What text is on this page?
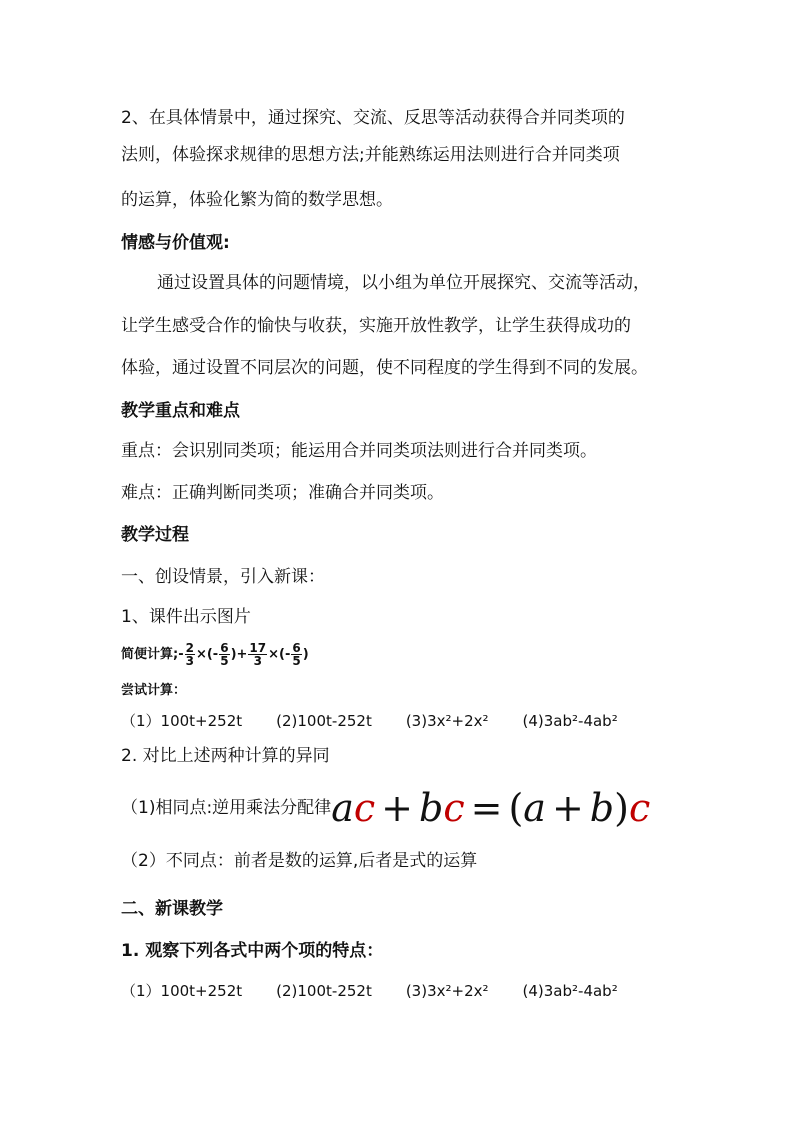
2、在具体情景中，通过探究、交流、反思等活动获得合并同类项的
法则，体验探求规律的思想方法;并能熟练运用法则进行合并同类项
的运算，体验化繁为简的数学思想。
情感与价值观:
通过设置具体的问题情境，以小组为单位开展探究、交流等活动，
让学生感受合作的愉快与收获，实施开放性教学，让学生获得成功的
体验，通过设置不同层次的问题，使不同程度的学生得到不同的发展。
教学重点和难点
重点：会识别同类项；能运用合并同类项法则进行合并同类项。
难点：正确判断同类项；准确合并同类项。
教学过程
一、创设情景，引入新课：
1、课件出示图片
简便计算;- $\frac{2}{3}$ ×(- $\frac{6}{5}$ )+ $\frac{17}{3}$ ×(- $\frac{6}{5}$ )
尝试计算：
（1）100t+252t (2)100t-252t (3)3x²+2x² (4)3ab²-4ab²
2. 对比上述两种计算的异同
（1)相同点:逆用乘法分配律ac + bc = (a + b)c
（2）不同点：前者是数的运算,后者是式的运算
二、新课教学
1. 观察下列各式中两个项的特点：
（1）100t+252t (2)100t-252t (3)3x²+2x² (4)3ab²-4ab²
